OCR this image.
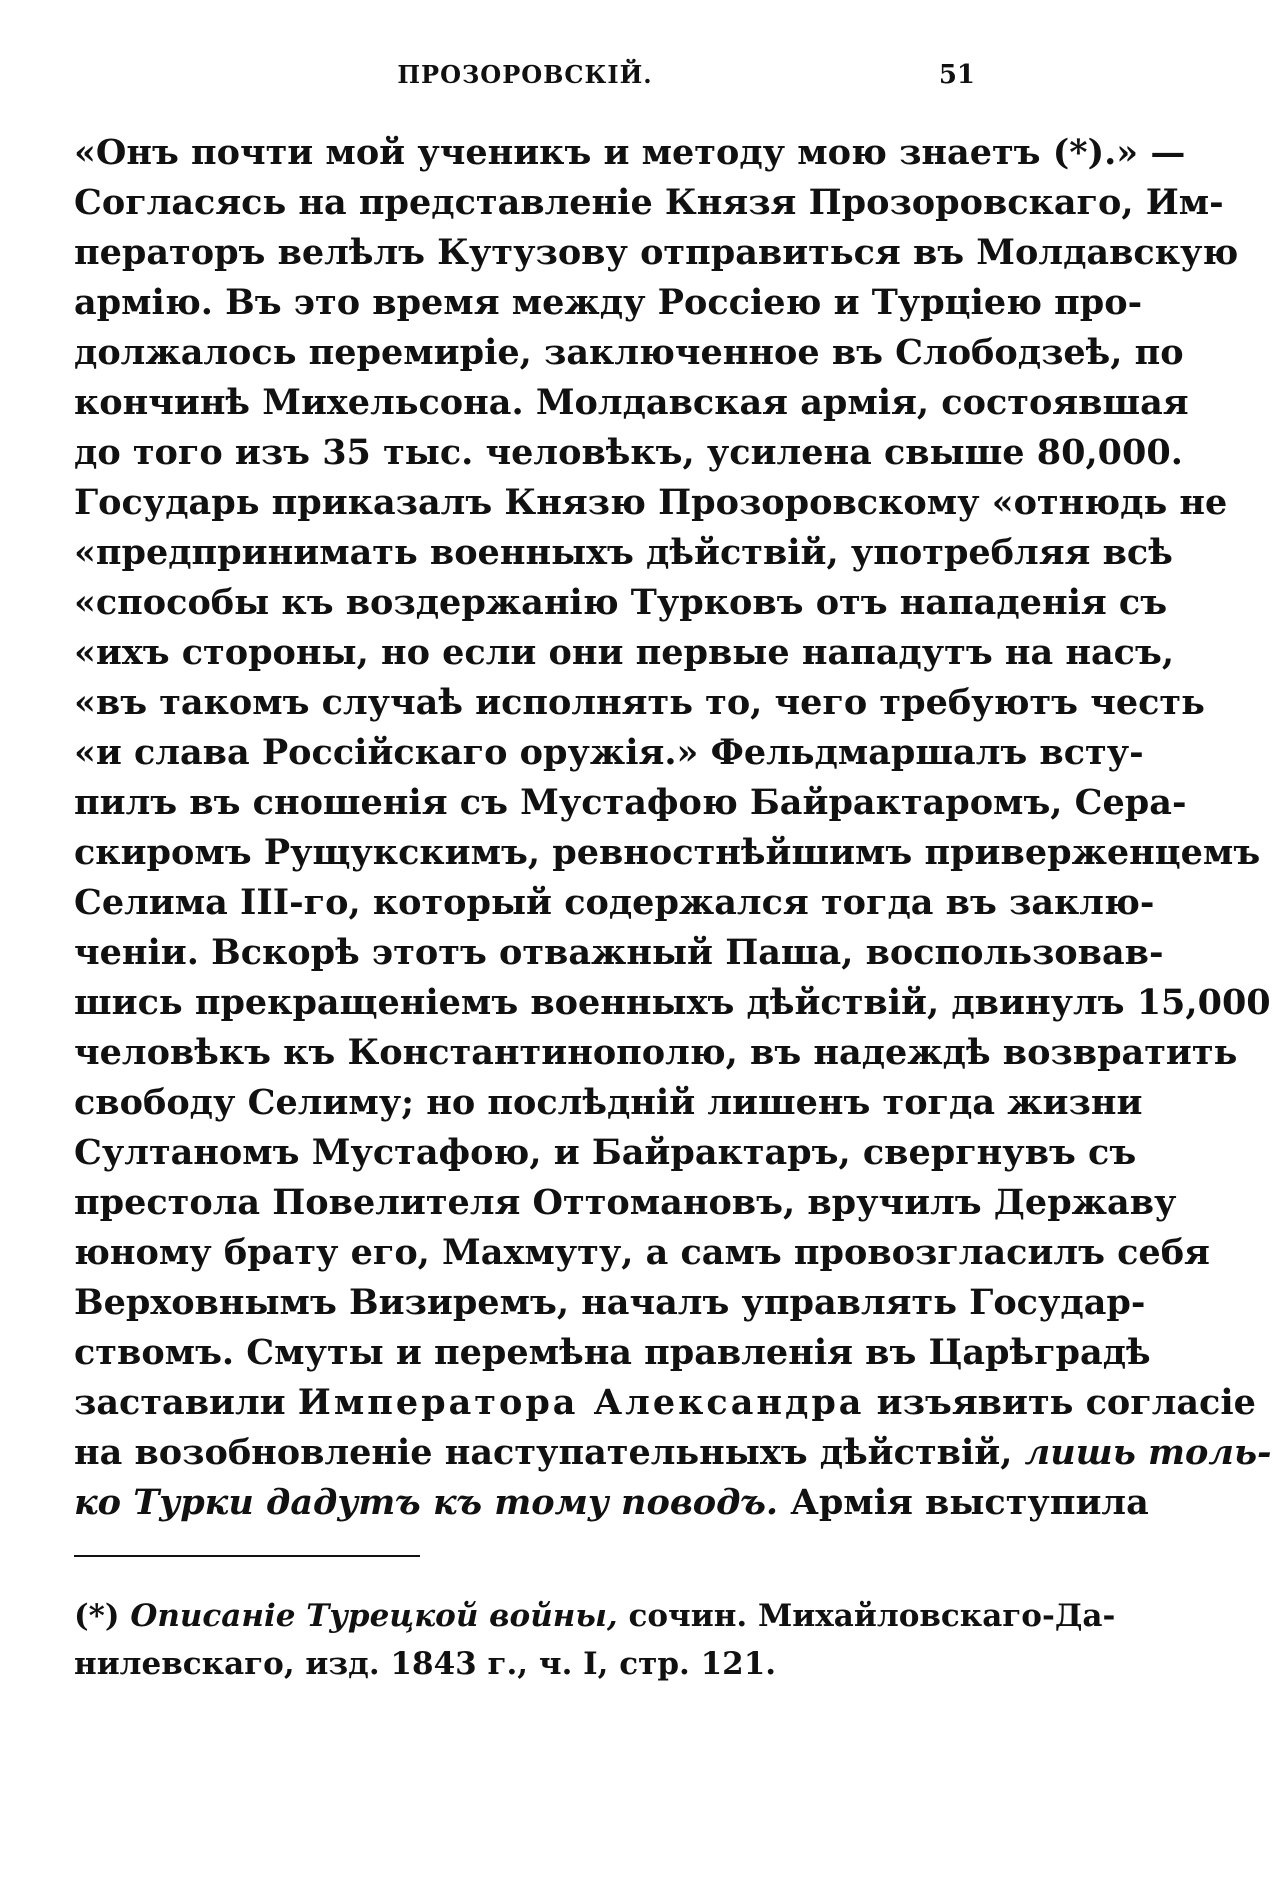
ПРОЗОРОВСКІЙ.	51
«Онъ почти мой ученикъ и методу мою знаетъ (*).» —
Согласясь на представленіе Князя Прозоровскаго, Им-
ператоръ велѣлъ Кутузову отправиться въ Молдавскую
армію. Въ это время между Россіею и Турціею про-
должалось перемиріе, заключенное въ Слободзеѣ, по
кончинѣ Михельсона. Молдавская армія, состоявшая
до того изъ 35 тыс. человѣкъ, усилена свыше 80,000.
Государь приказалъ Князю Прозоровскому «отнюдь не
«предпринимать военныхъ дѣйствій, употребляя всѣ
«способы къ воздержанію Турковъ отъ нападенія съ
«ихъ стороны, но если они первые нападутъ на насъ,
«въ такомъ случаѣ исполнять то, чего требуютъ честь
«и слава Россійскаго оружія.» Фельдмаршалъ всту-
пилъ въ сношенія съ Мустафою Байрактаромъ, Сера-
скиромъ Рущукскимъ, ревностнѣйшимъ приверженцемъ
Селима III-го, который содержался тогда въ заклю-
ченіи. Вскорѣ этотъ отважный Паша, воспользовав-
шись прекращеніемъ военныхъ дѣйствій, двинулъ 15,000
человѣкъ къ Константинополю, въ надеждѣ возвратить
свободу Селиму; но послѣдній лишенъ тогда жизни
Султаномъ Мустафою, и Байрактаръ, свергнувъ съ
престола Повелителя Оттомановъ, вручилъ Державу
юному брату его, Махмуту, а самъ провозгласилъ себя
Верховнымъ Визиремъ, началъ управлять Государ-
ствомъ. Смуты и перемѣна правленія въ Царѣградѣ
заставили Императора Александра изъявить согласіе
на возобновленіе наступательныхъ дѣйствій, лишь толь-
ко Турки дадутъ къ тому поводъ. Армія выступила
(*) Описаніе Турецкой войны, сочин. Михайловскаго-Да-
нилевскаго, изд. 1843 г., ч. I, стр. 121.
